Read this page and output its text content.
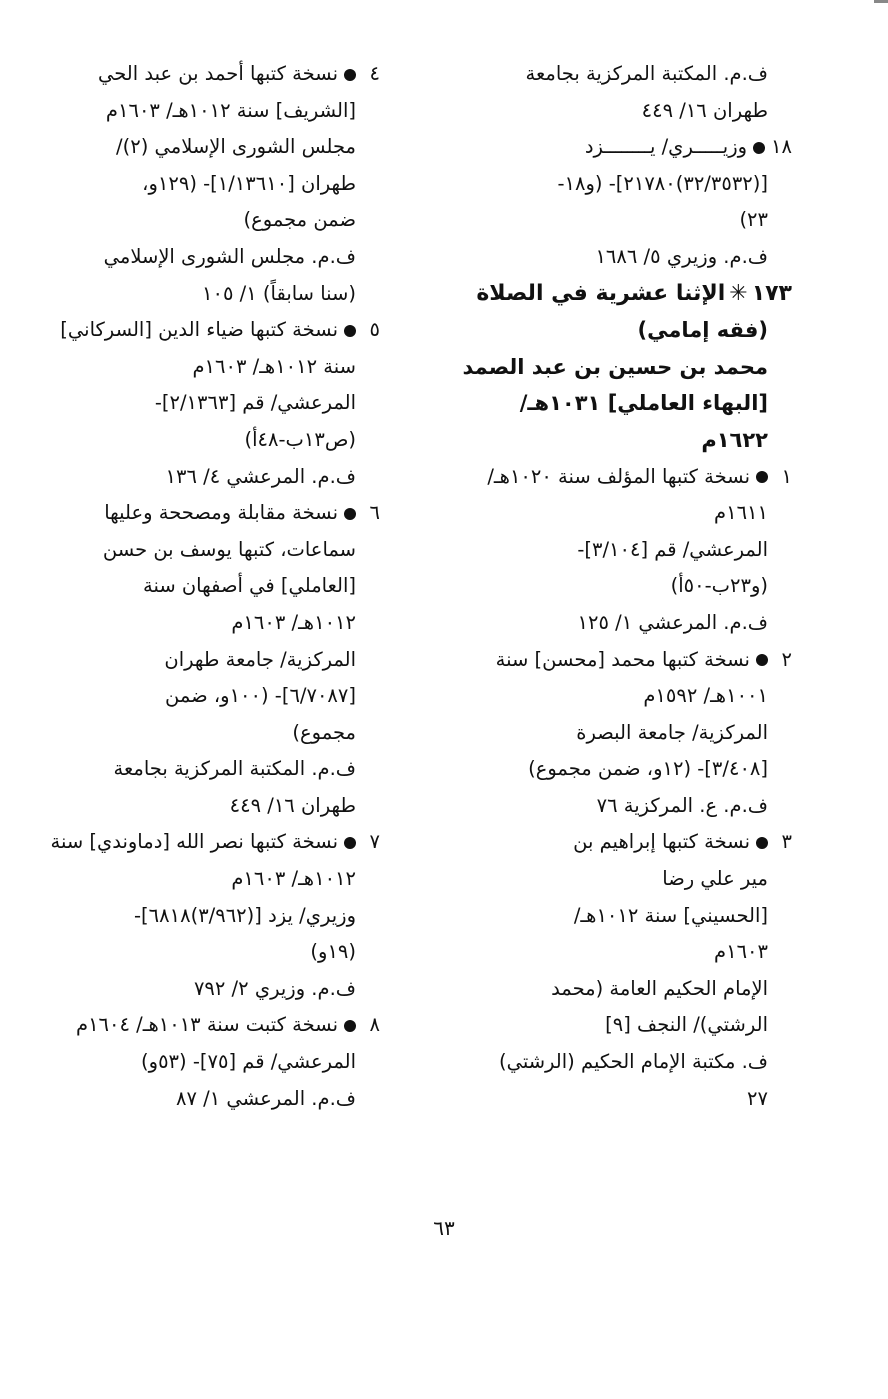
ف.م. المكتبة المركزية بجامعة
طهران ١٦/ ٤٤٩
١٨وزيـــــري/ يــــــــزد
[(٣٢/٣٥٣٢)٢١٧٨٠]- (و١٨-
٢٣)
ف.م. وزيري ٥/ ١٦٨٦
١٧٣✳الإثنا عشرية في الصلاة
(فقه إمامي)
محمد بن حسين بن عبد الصمد
[البهاء العاملي] ١٠٣١هـ/
١٦٢٢م
١نسخة كتبها المؤلف سنة ١٠٢٠هـ/
١٦١١م
المرعشي/ قم [٣/١٠٤]-
(و٢٣ب-٥٠أ)
ف.م. المرعشي ١/ ١٢٥
٢نسخة كتبها محمد [محسن] سنة
١٠٠١هـ/ ١٥٩٢م
المركزية/ جامعة البصرة
[٣/٤٠٨]- (١٢و، ضمن مجموع)
ف.م. ع. المركزية ٧٦
٣نسخة كتبها إبراهيم بن
مير علي رضا
[الحسيني] سنة ١٠١٢هـ/
١٦٠٣م
الإمام الحكيم العامة (محمد
الرشتي)/ النجف [٩]
ف. مكتبة الإمام الحكيم (الرشتي)
٢٧
٤نسخة كتبها أحمد بن عبد الحي
[الشريف] سنة ١٠١٢هـ/ ١٦٠٣م
مجلس الشورى الإسلامي (٢)/
طهران [١/١٣٦١٠]- (١٢٩و،
ضمن مجموع)
ف.م. مجلس الشورى الإسلامي
(سنا سابقاً) ١/ ١٠٥
٥نسخة كتبها ضياء الدين [السركاني]
سنة ١٠١٢هـ/ ١٦٠٣م
المرعشي/ قم [٢/١٣٦٣]-
(ص١٣ب-٤٨أ)
ف.م. المرعشي ٤/ ١٣٦
٦نسخة مقابلة ومصححة وعليها
سماعات، كتبها يوسف بن حسن
[العاملي] في أصفهان سنة
١٠١٢هـ/ ١٦٠٣م
المركزية/ جامعة طهران
[٦/٧٠٨٧]- (١٠٠و، ضمن
مجموع)
ف.م. المكتبة المركزية بجامعة
طهران ١٦/ ٤٤٩
٧نسخة كتبها نصر الله [دماوندي] سنة
١٠١٢هـ/ ١٦٠٣م
وزيري/ يزد [(٣/٩٦٢)٦٨١٨]-
(١٩و)
ف.م. وزيري ٢/ ٧٩٢
٨نسخة كتبت سنة ١٠١٣هـ/ ١٦٠٤م
المرعشي/ قم [٧٥]- (٥٣و)
ف.م. المرعشي ١/ ٨٧
٦٣
